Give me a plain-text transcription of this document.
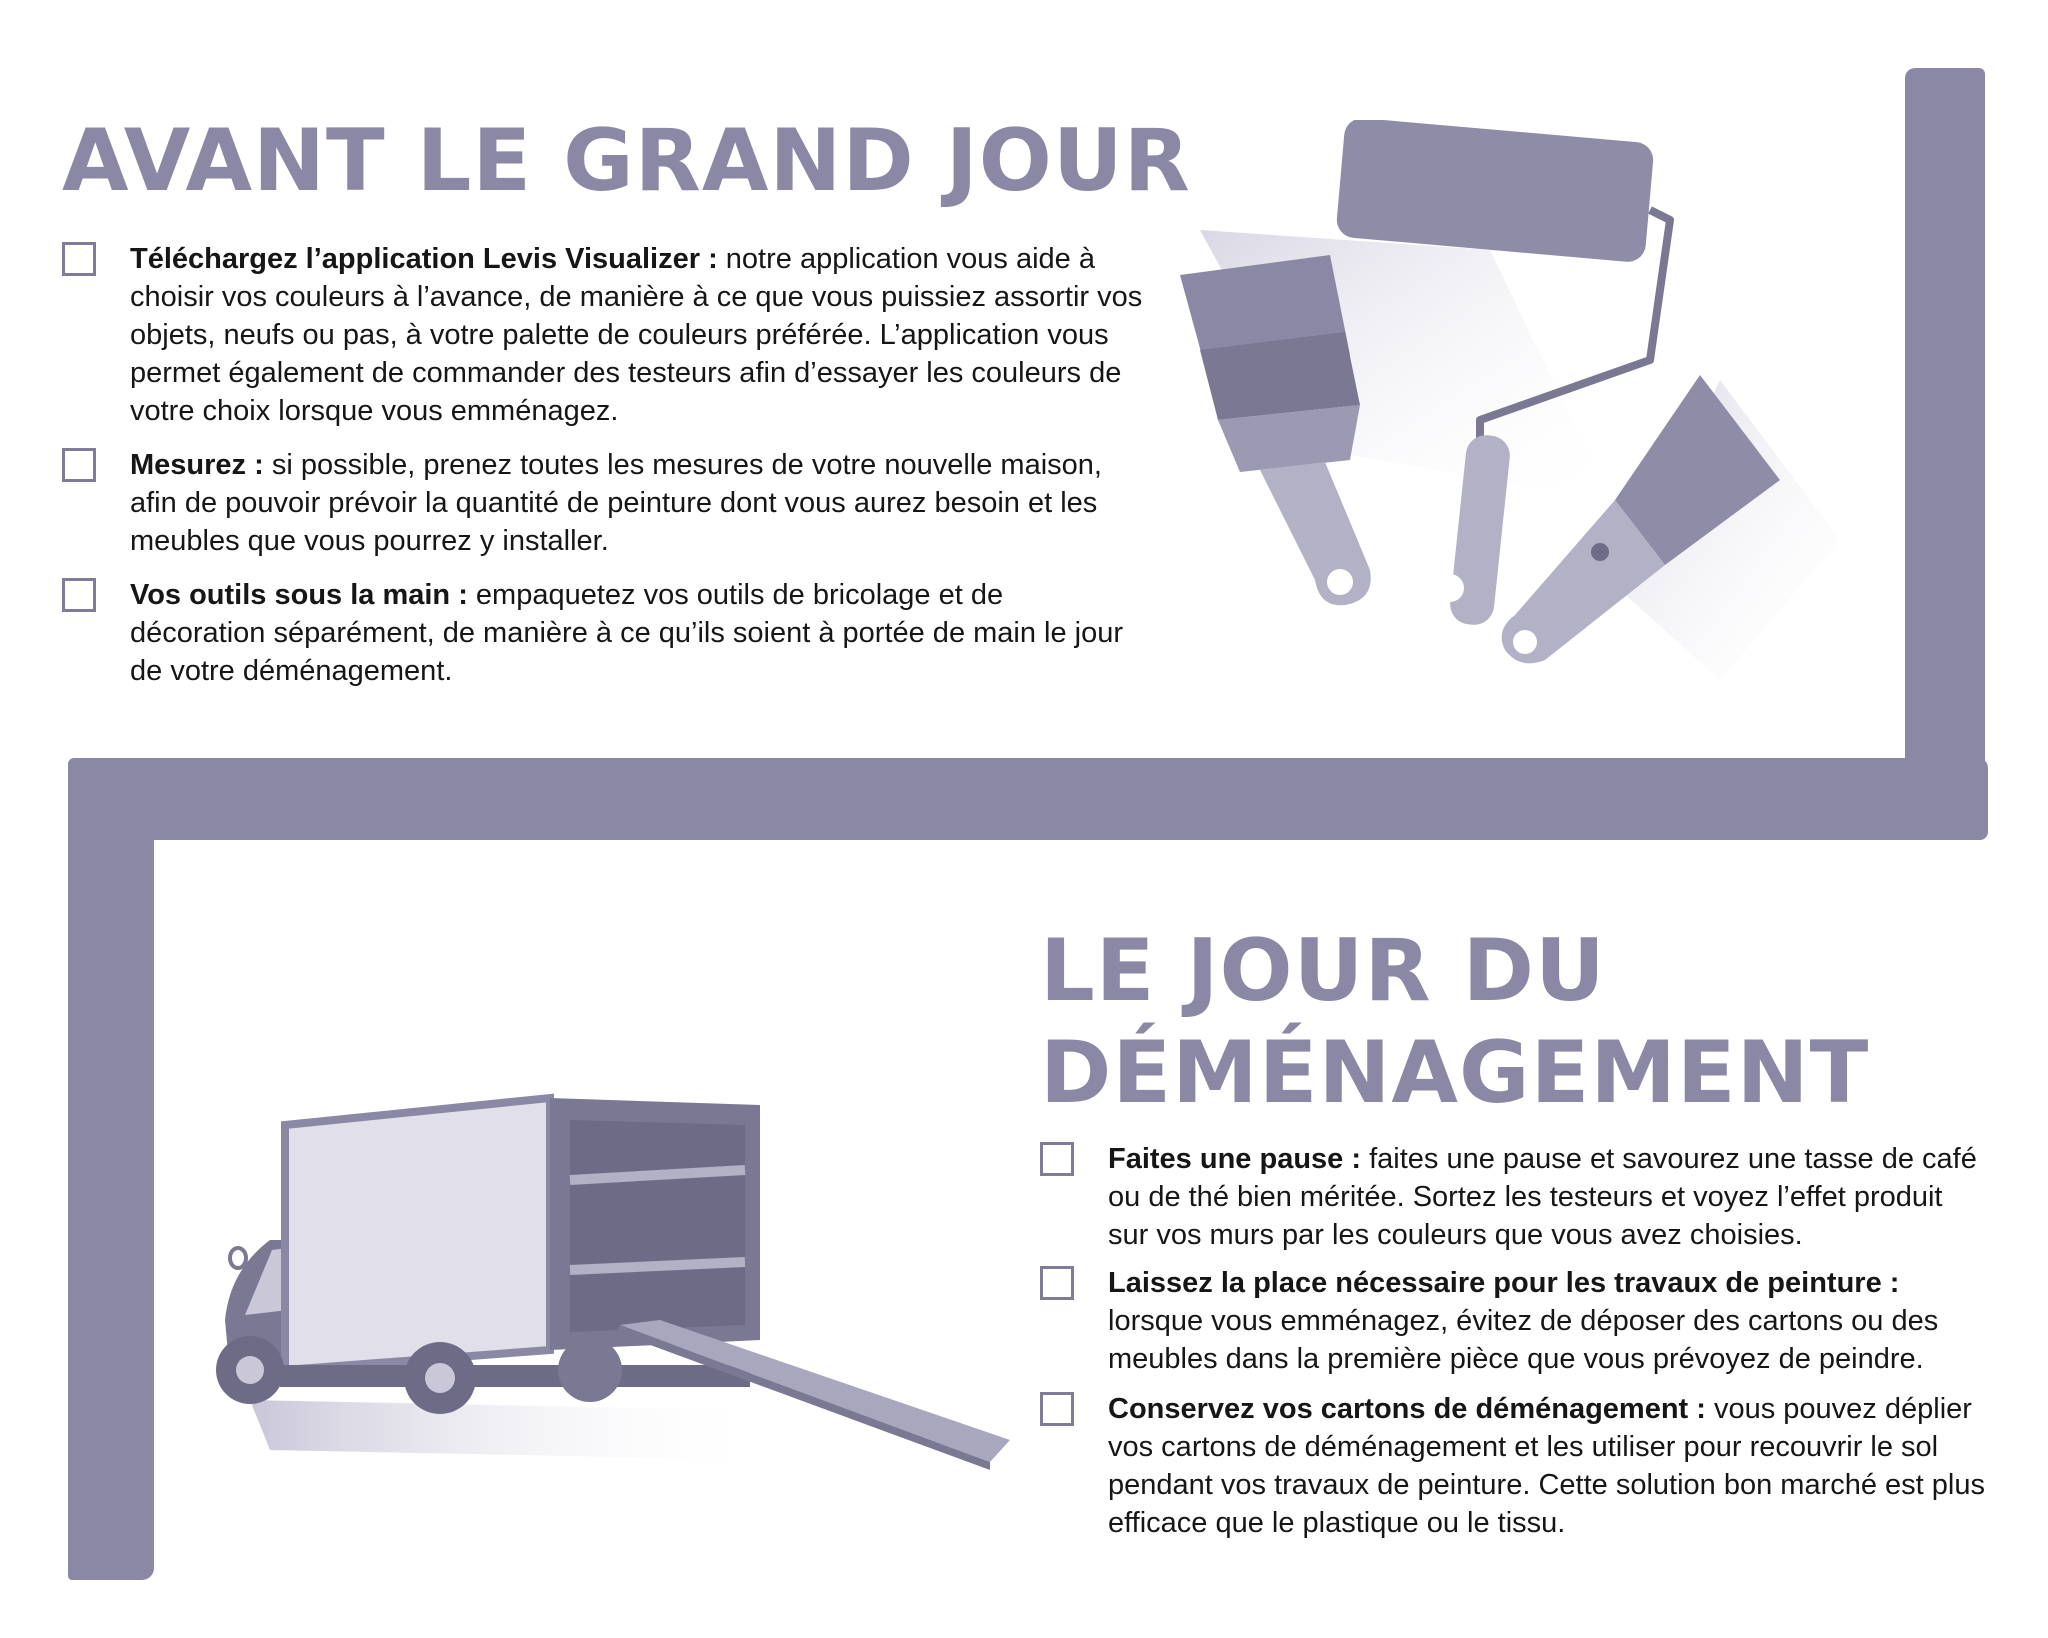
AVANT LE GRAND JOUR
LE JOUR DU
DÉMÉNAGEMENT
Téléchargez l’application Levis Visualizer : notre application vous aide à choisir vos couleurs à l’avance, de manière à ce que vous puissiez assortir vos objets, neufs ou pas, à votre palette de couleurs préférée. L’application vous permet également de commander des testeurs afin d’essayer les couleurs de votre choix lorsque vous emménagez.
Mesurez : si possible, prenez toutes les mesures de votre nouvelle maison, afin de pouvoir prévoir la quantité de peinture dont vous aurez besoin et les meubles que vous pourrez y installer.
Vos outils sous la main : empaquetez vos outils de bricolage et de décoration séparément, de manière à ce qu’ils soient à portée de main le jour de votre déménagement.
Faites une pause : faites une pause et savourez une tasse de café ou de thé bien méritée. Sortez les testeurs et voyez l’effet produit sur vos murs par les couleurs que vous avez choisies.
Laissez la place nécessaire pour les travaux de peinture : lorsque vous emménagez, évitez de déposer des cartons ou des meubles dans la première pièce que vous prévoyez de peindre.
Conservez vos cartons de déménagement : vous pouvez déplier vos cartons de déménagement et les utiliser pour recouvrir le sol pendant vos travaux de peinture. Cette solution bon marché est plus efficace que le plastique ou le tissu.
